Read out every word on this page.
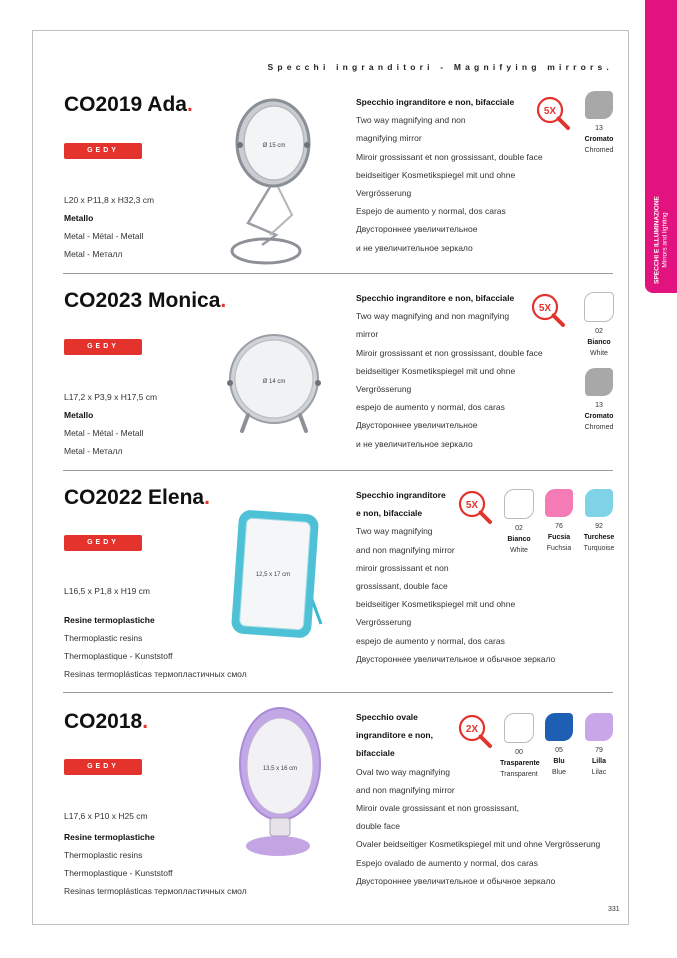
SPECCHI E ILLUMINAZIONE Mirrors and lighting
Specchi ingranditori - Magnifying mirrors.
CO2019 Ada.
GEDY
L20 x P11,8 x H32,3 cm
Metallo
Metal - Métal - Metall
Metal - Металл
Ø 15 cm
Specchio ingranditore e non, bifacciale
Two way magnifying and non
magnifying mirror
Miroir grossissant et non grossissant, double face
beidseitiger Kosmetikspiegel mit und ohne
Vergrösserung
Espejo de aumento y normal, dos caras
Двустороннее увеличительное
и не увеличительное зеркало
5X
13
Cromato
Chromed
CO2023 Monica.
GEDY
L17,2 x P3,9 x H17,5 cm
Metallo
Metal - Métal - Metall
Metal - Металл
Ø 14 cm
Specchio ingranditore e non, bifacciale
Two way magnifying and non magnifying
mirror
Miroir grossissant et non grossissant, double face
beidseitiger Kosmetikspiegel mit und ohne
Vergrösserung
espejo de aumento y normal, dos caras
Двустороннее увеличительное
и не увеличительное зеркало
5X
02
Bianco
White
13
Cromato
Chromed
CO2022 Elena.
GEDY
L16,5 x P1,8 x H19 cm
Resine termoplastiche
Thermoplastic resins
Thermoplastique - Kunststoff
Resinas termoplásticas термопластичных смол
12,5 x 17 cm
Specchio ingranditore
e non, bifacciale
Two way magnifying
and non magnifying mirror
miroir grossissant et non
grossissant, double face
beidseitiger Kosmetikspiegel mit und ohne
Vergrösserung
espejo de aumento y normal, dos caras
Двустороннее увеличительное и обычное зеркало
5X
02
Bianco
White
76
Fucsia
Fuchsia
92
Turchese
Turquoise
CO2018.
GEDY
L17,6 x P10 x H25 cm
Resine termoplastiche
Thermoplastic resins
Thermoplastique - Kunststoff
Resinas termoplásticas термопластичных смол
13,5 x 16 cm
Specchio ovale
ingranditore e non,
bifacciale
Oval two way magnifying
and non magnifying mirror
Miroir ovale grossissant et non grossissant,
double face
Ovaler beidseitiger Kosmetikspiegel mit und ohne Vergrösserung
Espejo ovalado de aumento y normal, dos caras
Двустороннее увеличительное и обычное зеркало
2X
00
Trasparente
Transparent
05
Blu
Blue
79
Lilla
Lilac
331
